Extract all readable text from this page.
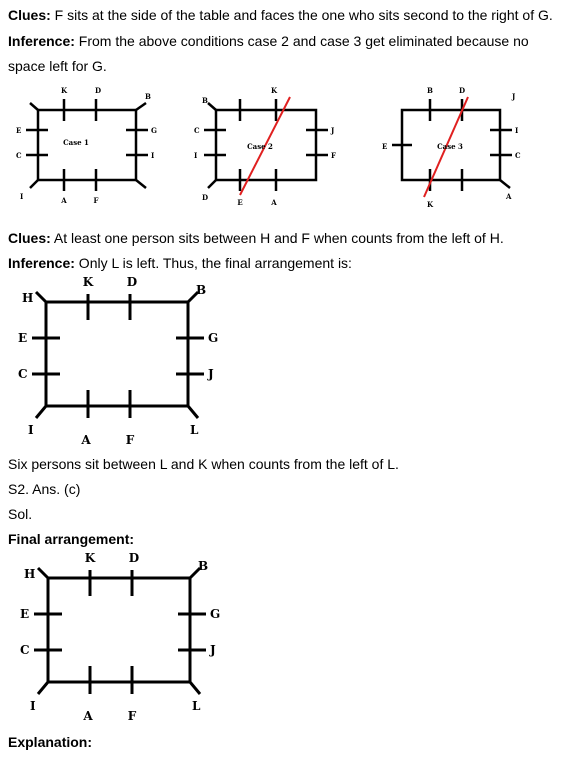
Clues: F sits at the side of the table and faces the one who sits second to the right of G.
Inference: From the above conditions case 2 and case 3 get eliminated because no
space left for G.
K	D
B
G
I
E
C
I	A	F
Case 1
B
K
J
F
C
I
D
E	A
Case 2
B	D
J
I
C
E
K
A
Case 3
Clues: At least one person sits between H and F when counts from the left of H.
Inference: Only L is left. Thus, the final arrangement is:
K	D
H
B
E
C
G
J
I	L
A	F
Six persons sit between L and K when counts from the left of L.
S2. Ans. (c)
Sol.
Final arrangement:
K	D
H
B
E
C
G
J
I	L
A	F
Explanation:
